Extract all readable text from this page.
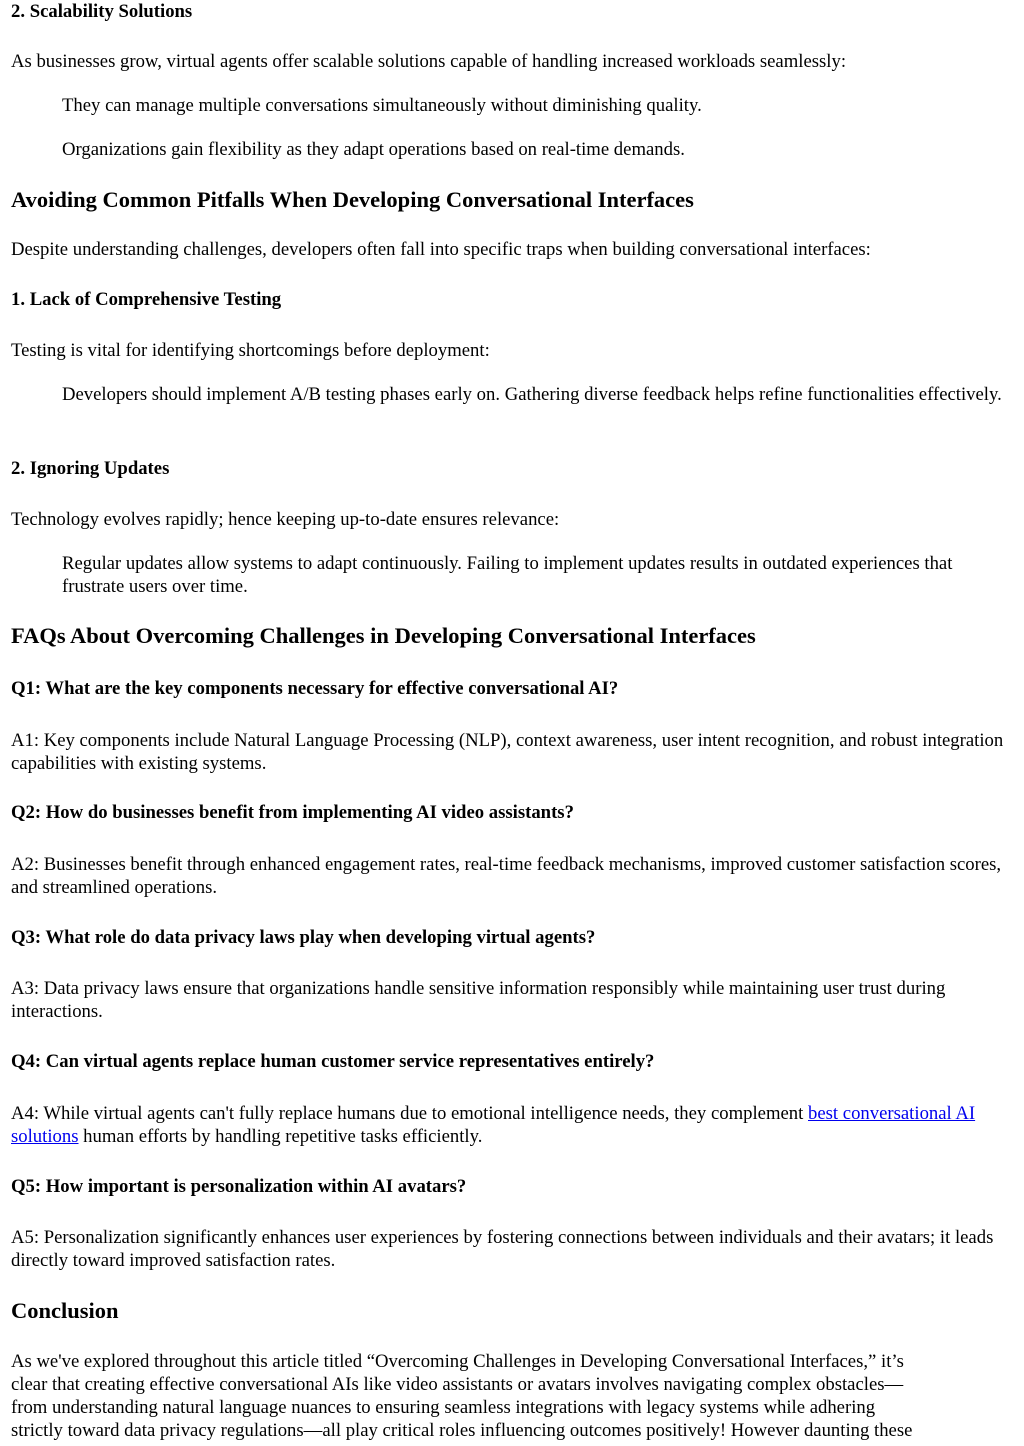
2. Scalability Solutions

As businesses grow, virtual agents offer scalable solutions capable of handling increased workloads seamlessly:

They can manage multiple conversations simultaneously without diminishing quality.

Organizations gain flexibility as they adapt operations based on real-time demands.

Avoiding Common Pitfalls When Developing Conversational Interfaces

Despite understanding challenges, developers often fall into specific traps when building conversational interfaces:

1. Lack of Comprehensive Testing

Testing is vital for identifying shortcomings before deployment:

Developers should implement A/B testing phases early on. Gathering diverse feedback helps refine functionalities effectively.

2. Ignoring Updates

Technology evolves rapidly; hence keeping up-to-date ensures relevance:

Regular updates allow systems to adapt continuously. Failing to implement updates results in outdated experiences that frustrate users over time.

FAQs About Overcoming Challenges in Developing Conversational Interfaces
Q1: What are the key components necessary for effective conversational AI?

A1: Key components include Natural Language Processing (NLP), context awareness, user intent recognition, and robust integration capabilities with existing systems.

Q2: How do businesses benefit from implementing AI video assistants?

A2: Businesses benefit through enhanced engagement rates, real-time feedback mechanisms, improved customer satisfaction scores, and streamlined operations.

Q3: What role do data privacy laws play when developing virtual agents?

A3: Data privacy laws ensure that organizations handle sensitive information responsibly while maintaining user trust during interactions.

Q4: Can virtual agents replace human customer service representatives entirely?

A4: While virtual agents can't fully replace humans due to emotional intelligence needs, they complement best conversational AI solutions human efforts by handling repetitive tasks efficiently.

Q5: How important is personalization within AI avatars?

A5: Personalization significantly enhances user experiences by fostering connections between individuals and their avatars; it leads directly toward improved satisfaction rates.

Conclusion

As we've explored throughout this article titled “Overcoming Challenges in Developing Conversational Interfaces,” it’s
clear that creating effective conversational AIs like video assistants or avatars involves navigating complex obstacles—
from understanding natural language nuances to ensuring seamless integrations with legacy systems while adhering
strictly toward data privacy regulations—all play critical roles influencing outcomes positively! However daunting these
